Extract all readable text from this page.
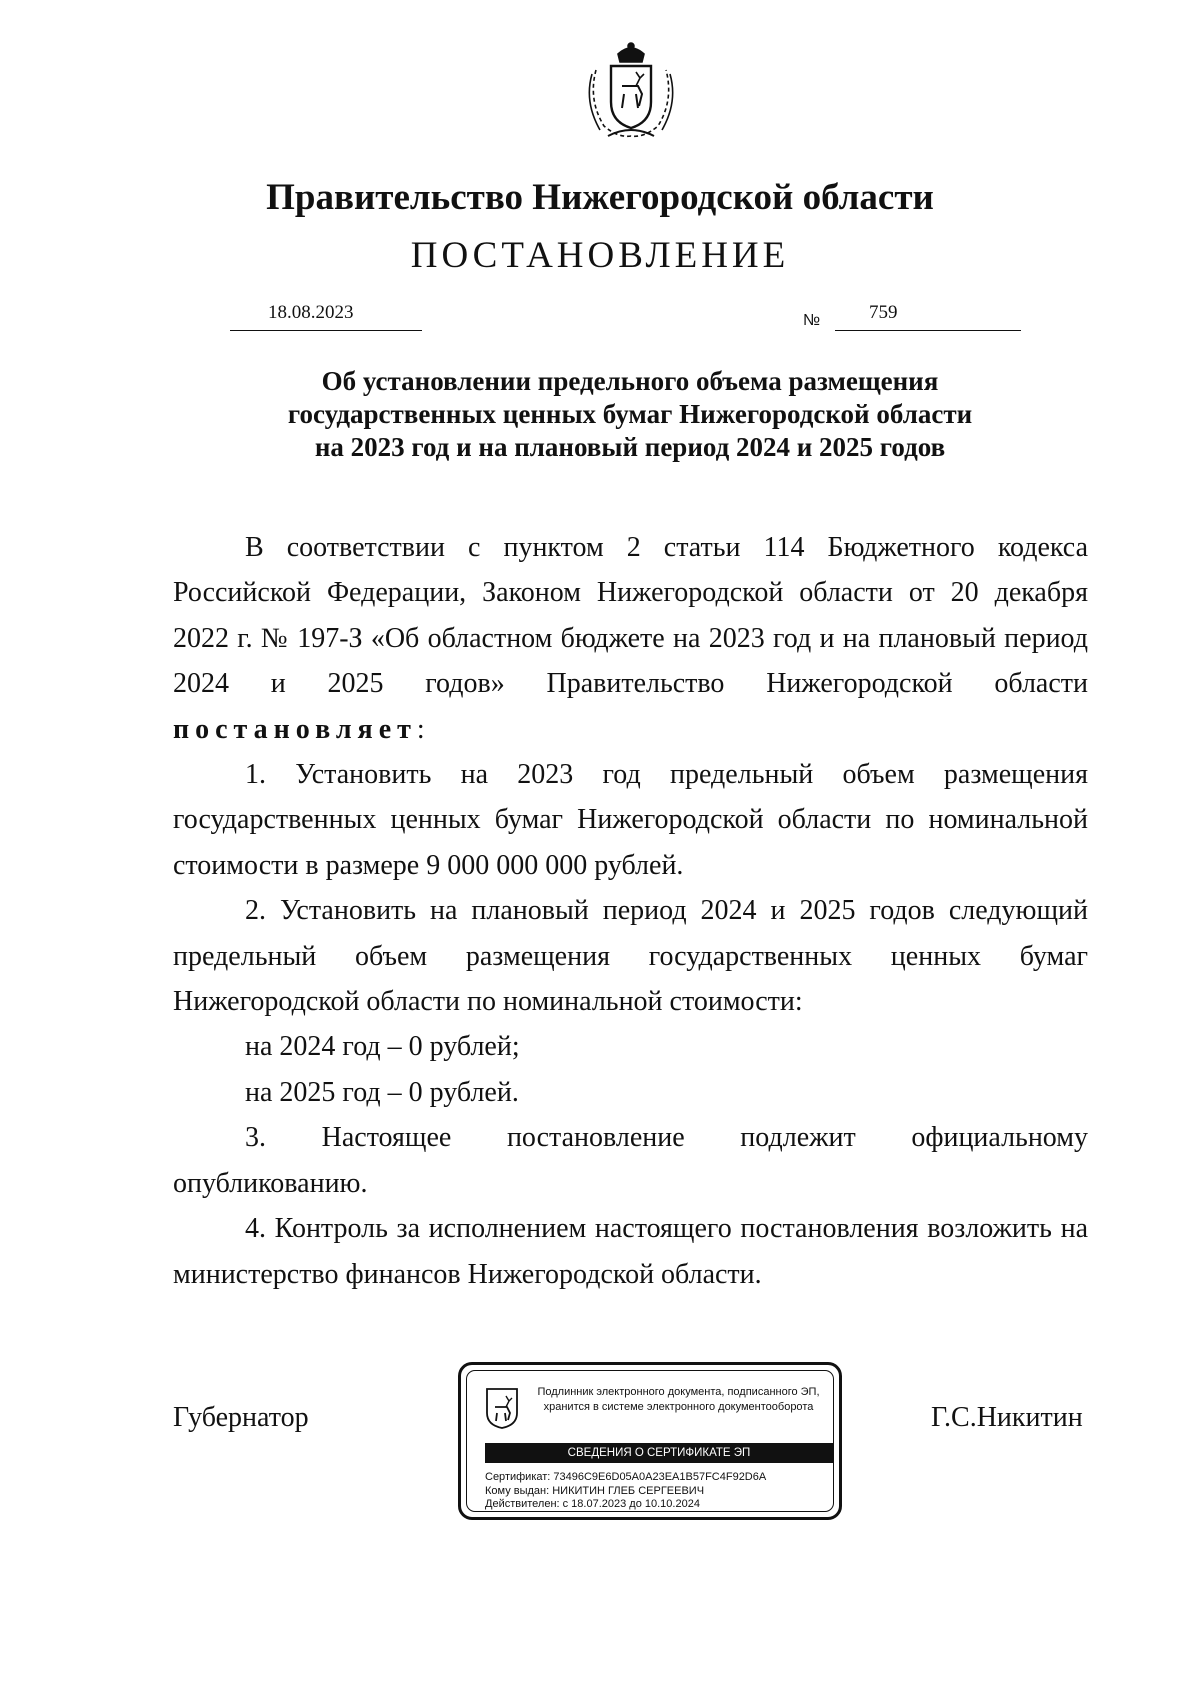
Правительство Нижегородской области
ПОСТАНОВЛЕНИЕ
18.08.2023	№	759
Об установлении предельного объема размещения
государственных ценных бумаг Нижегородской области
на 2023 год и на плановый период 2024 и 2025 годов

В соответствии с пунктом 2 статьи 114 Бюджетного кодекса Российской Федерации, Законом Нижегородской области от 20 декабря 2022 г. № 197-З «Об областном бюджете на 2023 год и на плановый период 2024 и 2025 годов» Правительство Нижегородской области постановляет:

1. Установить на 2023 год предельный объем размещения государственных ценных бумаг Нижегородской области по номинальной стоимости в размере 9 000 000 000 рублей.

2. Установить на плановый период 2024 и 2025 годов следующий предельный объем размещения государственных ценных бумаг Нижегородской области по номинальной стоимости:

на 2024 год – 0 рублей;

на 2025 год – 0 рублей.

3. Настоящее постановление подлежит официальному опубликованию.

4. Контроль за исполнением настоящего постановления возложить на министерство финансов Нижегородской области.

Губернатор
Подлинник электронного документа, подписанного ЭП,
хранится в системе электронного документооборота
СВЕДЕНИЯ О СЕРТИФИКАТЕ ЭП
Сертификат: 73496C9E6D05A0A23EA1B57FC4F92D6A
Кому выдан: НИКИТИН ГЛЕБ СЕРГЕЕВИЧ
Действителен: с 18.07.2023 до 10.10.2024
Г.С.Никитин
